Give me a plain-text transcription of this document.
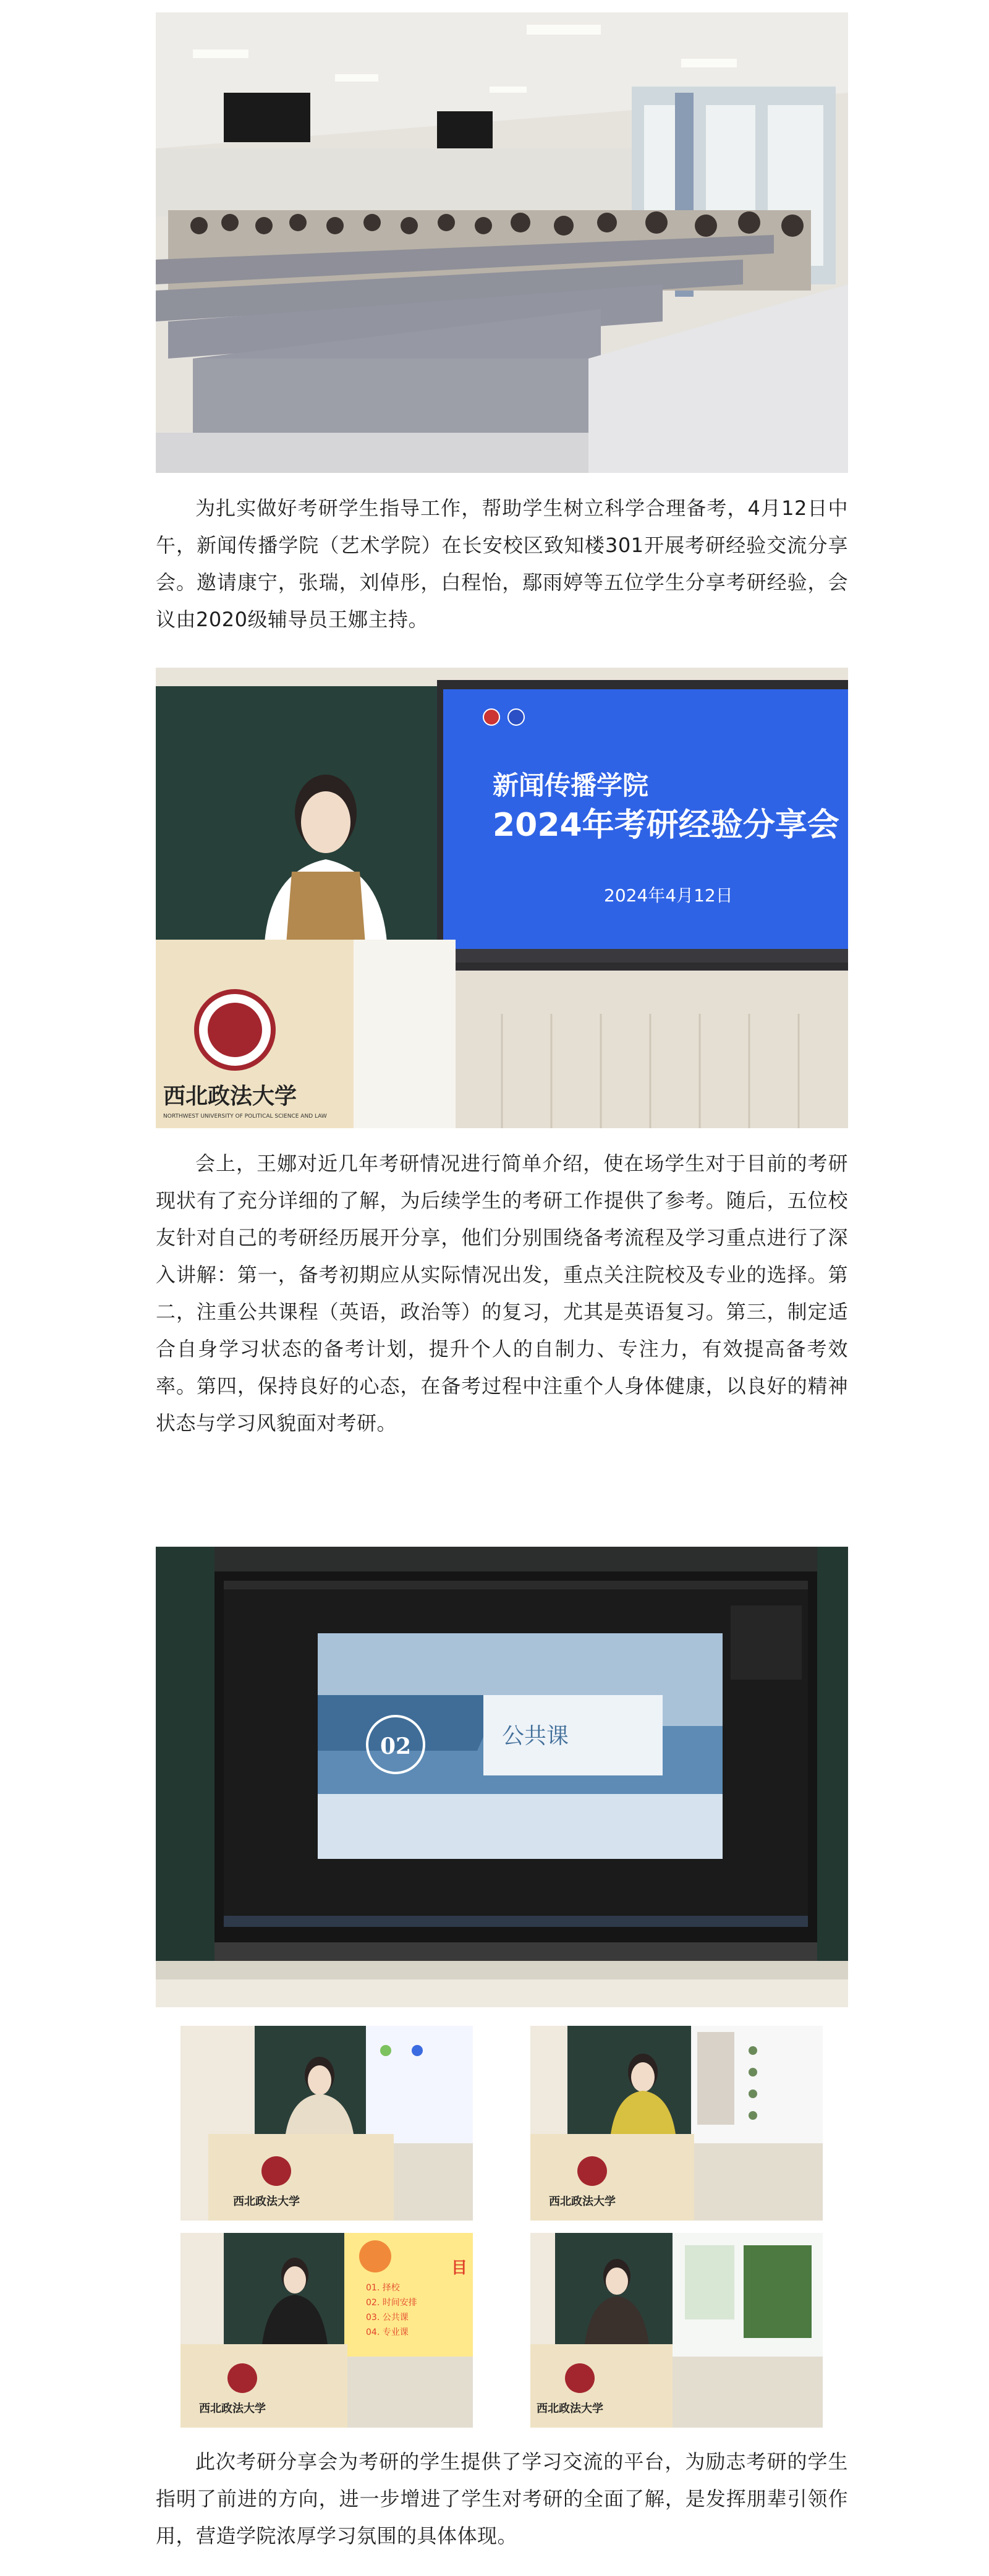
为扎实做好考研学生指导工作，帮助学生树立科学合理备考，4月12日中午，新闻传播学院（艺术学院）在长安校区致知楼301开展考研经验交流分享会。邀请康宁，张瑞，刘倬彤，白程怡，鄢雨婷等五位学生分享考研经验，会议由2020级辅导员王娜主持。

新闻传播学院
2024年考研经验分享会
2024年4月12日
西北政法大学
NORTHWEST UNIVERSITY OF POLITICAL SCIENCE AND LAW

会上，王娜对近几年考研情况进行简单介绍，使在场学生对于目前的考研现状有了充分详细的了解，为后续学生的考研工作提供了参考。随后，五位校友针对自己的考研经历展开分享，他们分别围绕备考流程及学习重点进行了深入讲解：第一，备考初期应从实际情况出发，重点关注院校及专业的选择。第二，注重公共课程（英语，政治等）的复习，尤其是英语复习。第三，制定适合自身学习状态的备考计划，提升个人的自制力、专注力，有效提高备考效率。第四，保持良好的心态，在备考过程中注重个人身体健康，以良好的精神状态与学习风貌面对考研。

02	公共课
西北政法大学	西北政法大学
目
01. 择校
02. 时间安排
03. 公共课
04. 专业课
西北政法大学	西北政法大学

此次考研分享会为考研的学生提供了学习交流的平台，为励志考研的学生指明了前进的方向，进一步增进了学生对考研的全面了解，是发挥朋辈引领作用，营造学院浓厚学习氛围的具体体现。
